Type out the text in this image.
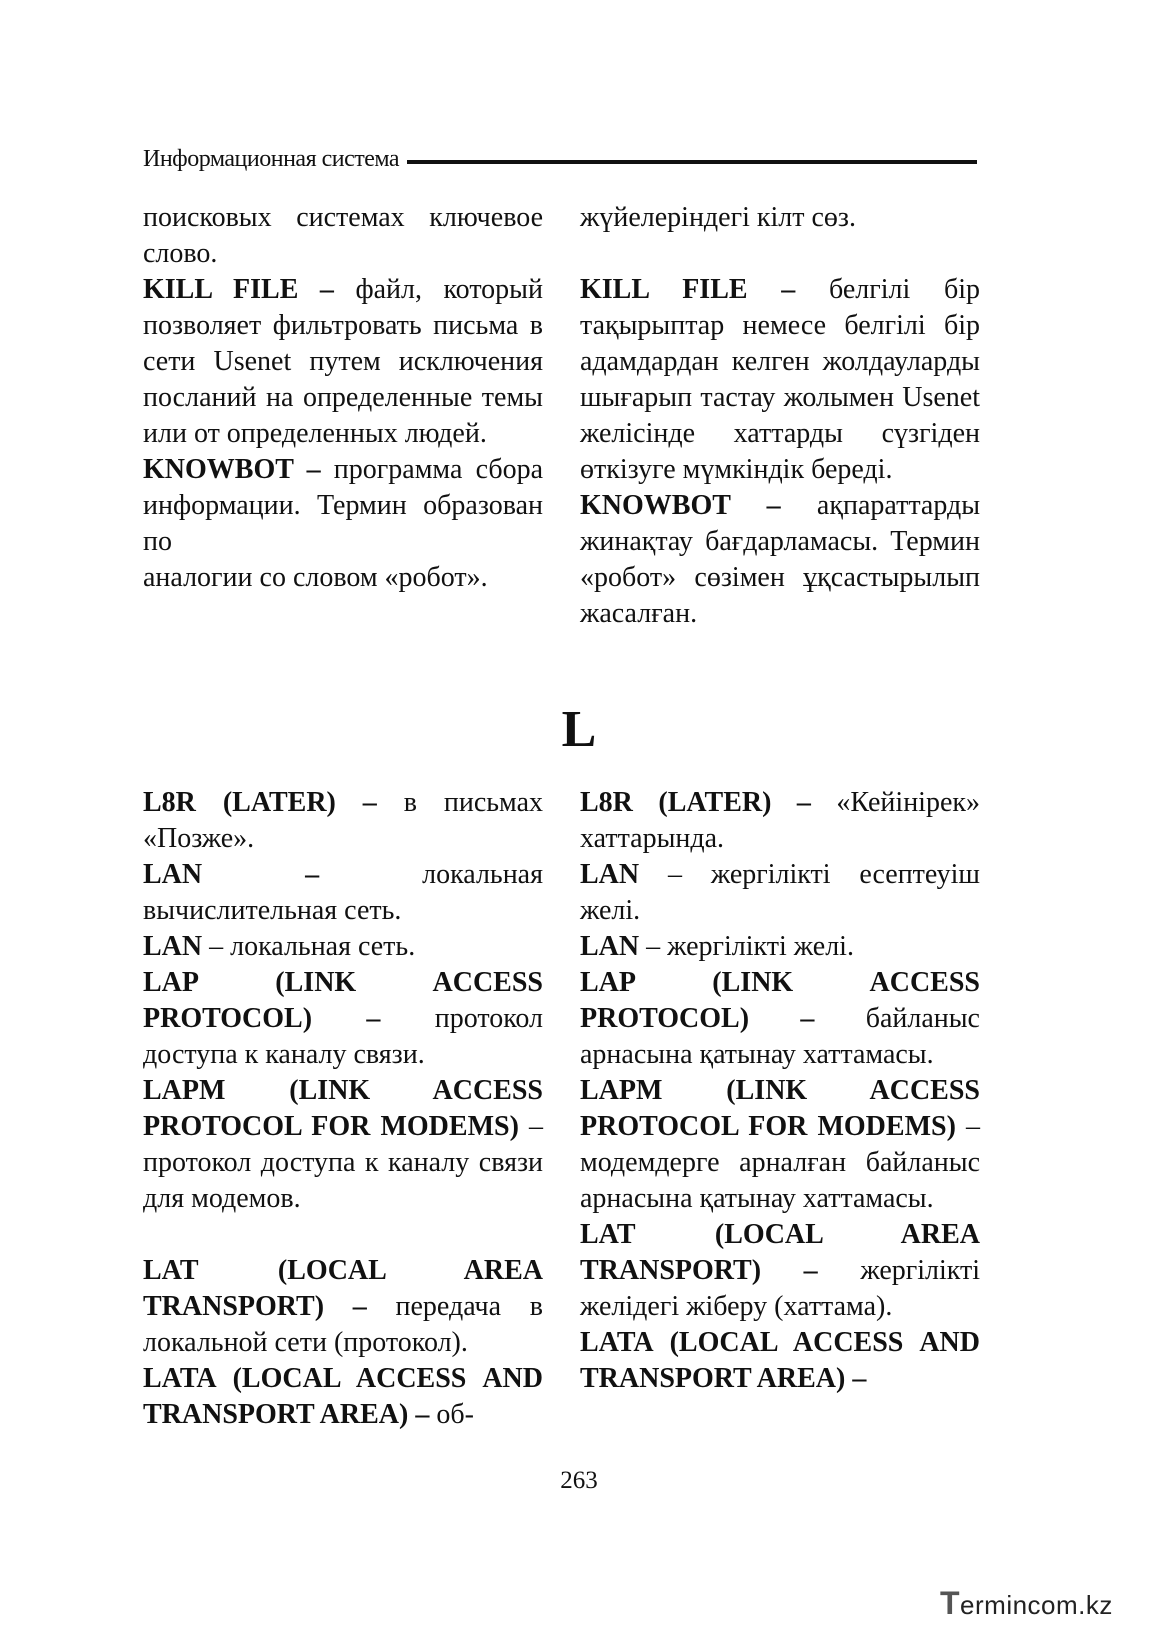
Информационная система

поисковых системах ключевое слово.

KILL FILE – файл, который позволяет фильтровать письма в сети Usenet путем исключения посланий на определенные темы или от определенных людей.

KNOWBOT – программа сбора информации. Термин образован по

аналогии со словом «робот».

жүйелеріндегі кілт сөз.

KILL FILE – белгілі бір тақырыптар немесе белгілі бір адамдардан келген жолдауларды шығарып тастау жолымен Usenet желісінде хаттарды сүзгіден өткізуге мүмкіндік береді.

KNOWBOT – ақпараттарды жинақтау бағдарламасы. Термин «робот» сөзімен ұқсастырылып жасалған.

L

L8R (LATER) – в письмах «Позже».

LAN – локальная вычислительная сеть.

LAN – локальная сеть.

LAP (LINK ACCESS PROTOCOL) – протокол доступа к каналу связи.

LAPM (LINK ACCESS PROTOCOL FOR MODEMS) – протокол доступа к каналу связи для модемов.

LAT (LOCAL AREA TRANSPORT) – передача в локальной сети (протокол).

LATA (LOCAL ACCESS AND TRANSPORT AREA) – об-

L8R (LATER) – «Кейінірек» хаттарында.

LAN – жергілікті есептеуіш желі.

LAN – жергілікті желі.

LAP (LINK ACCESS PROTOCOL) – байланыс арнасына қатынау хаттамасы.

LAPM (LINK ACCESS PROTOCOL FOR MODEMS) – модемдерге арналған байланыс арнасына қатынау хаттамасы.

LAT (LOCAL AREA TRANSPORT) – жергілікті желідегі жіберу (хаттама).

LATA (LOCAL ACCESS AND TRANSPORT AREA) –

263
Termincom.kz
